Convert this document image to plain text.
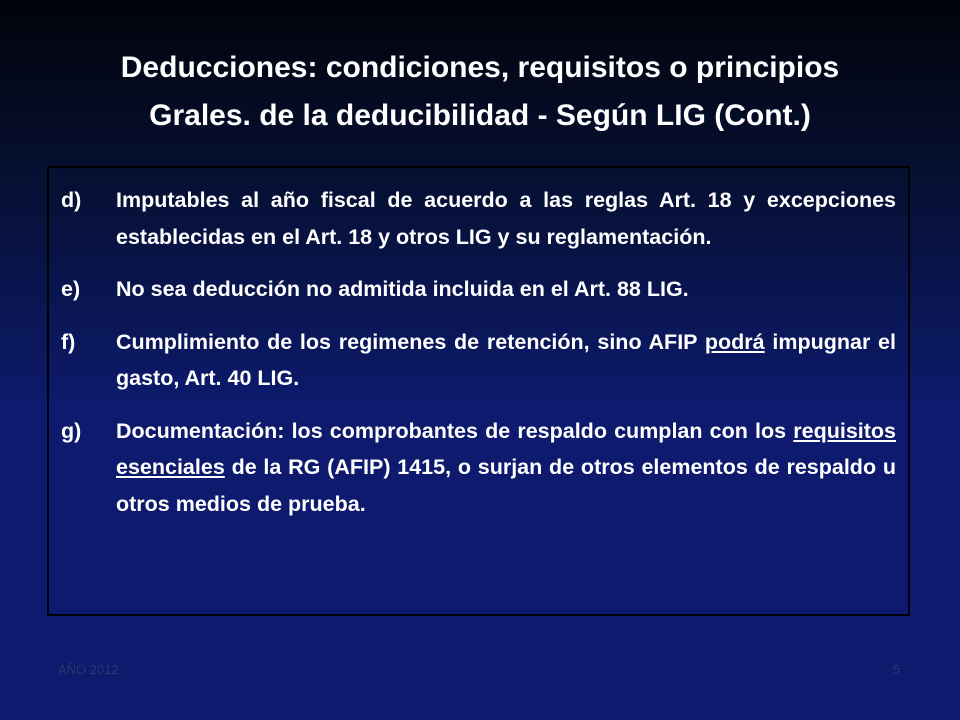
Deducciones: condiciones, requisitos o principios
Grales. de la deducibilidad - Según LIG (Cont.)
d)	Imputables al año fiscal de acuerdo a las reglas Art. 18 y excepciones establecidas en el Art. 18 y otros LIG y su reglamentación.
e)	No sea deducción no admitida incluida en el Art. 88 LIG.
f)	Cumplimiento de los regimenes de retención, sino AFIP podrá impugnar el gasto, Art. 40 LIG.
g)	Documentación: los comprobantes de respaldo cumplan con los requisitos esenciales de la RG (AFIP) 1415, o surjan de otros elementos de respaldo u otros medios de prueba.
AÑO 2012	5
